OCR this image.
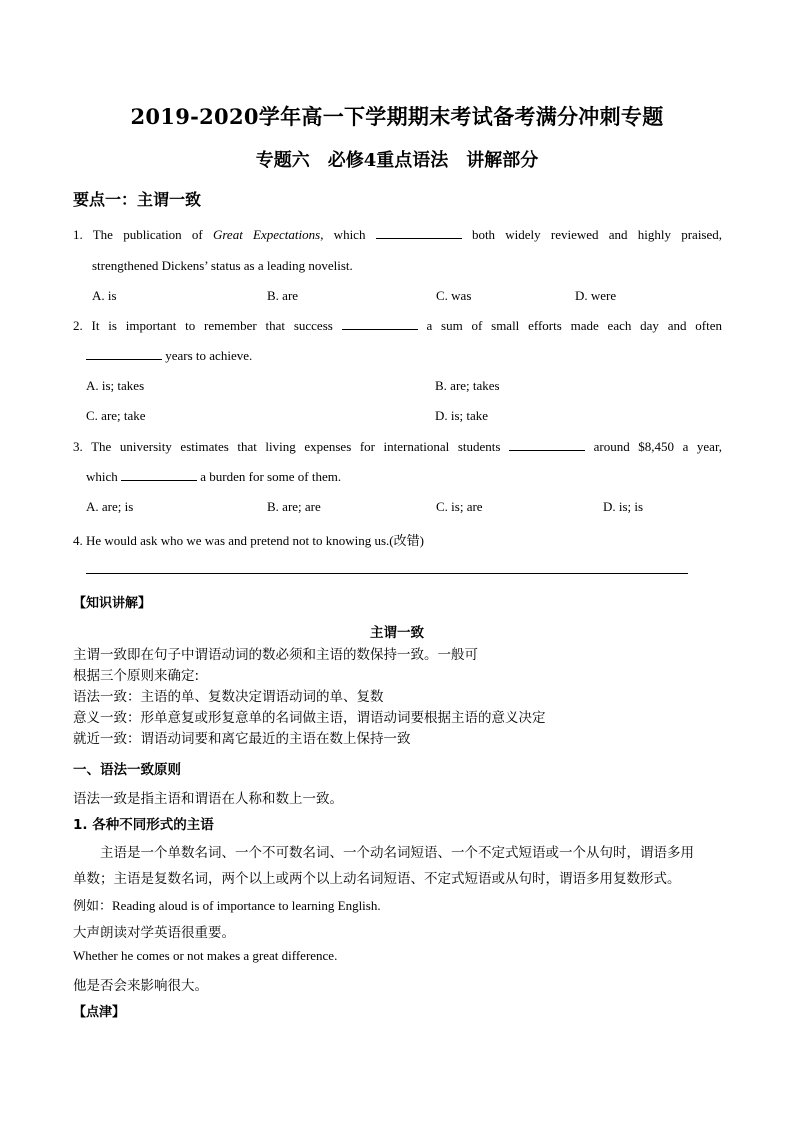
2019-2020学年高一下学期期末考试备考满分冲刺专题
专题六　必修4重点语法　讲解部分
要点一：主谓一致
1. The publication of Great Expectations, which	both widely reviewed and highly praised,
strengthened Dickens’ status as a leading novelist.
A. is	B. are	C. was	D. were
2. It is important to remember that success	a sum of small efforts made each day and often
years to achieve.
A. is; takes	B. are; takes
C. are; take	D. is; take
3. The university estimates that living expenses for international students	around $8,450 a year,
which	a burden for some of them.
A. are; is	B. are; are	C. is; are	D. is; is
4. He would ask who we was and pretend not to knowing us.(改错)
【知识讲解】
主谓一致
主谓一致即在句子中谓语动词的数必须和主语的数保持一致。一般可
根据三个原则来确定:
语法一致：主语的单、复数决定谓语动词的单、复数
意义一致：形单意复或形复意单的名词做主语，谓语动词要根据主语的意义决定
就近一致：谓语动词要和离它最近的主语在数上保持一致
一、语法一致原则
语法一致是指主语和谓语在人称和数上一致。
1. 各种不同形式的主语
主语是一个单数名词、一个不可数名词、一个动名词短语、一个不定式短语或一个从句时，谓语多用
单数；主语是复数名词，两个以上或两个以上动名词短语、不定式短语或从句时，谓语多用复数形式。
例如：Reading aloud is of importance to learning English.
大声朗读对学英语很重要。
Whether he comes or not makes a great difference.
他是否会来影响很大。
【点津】
